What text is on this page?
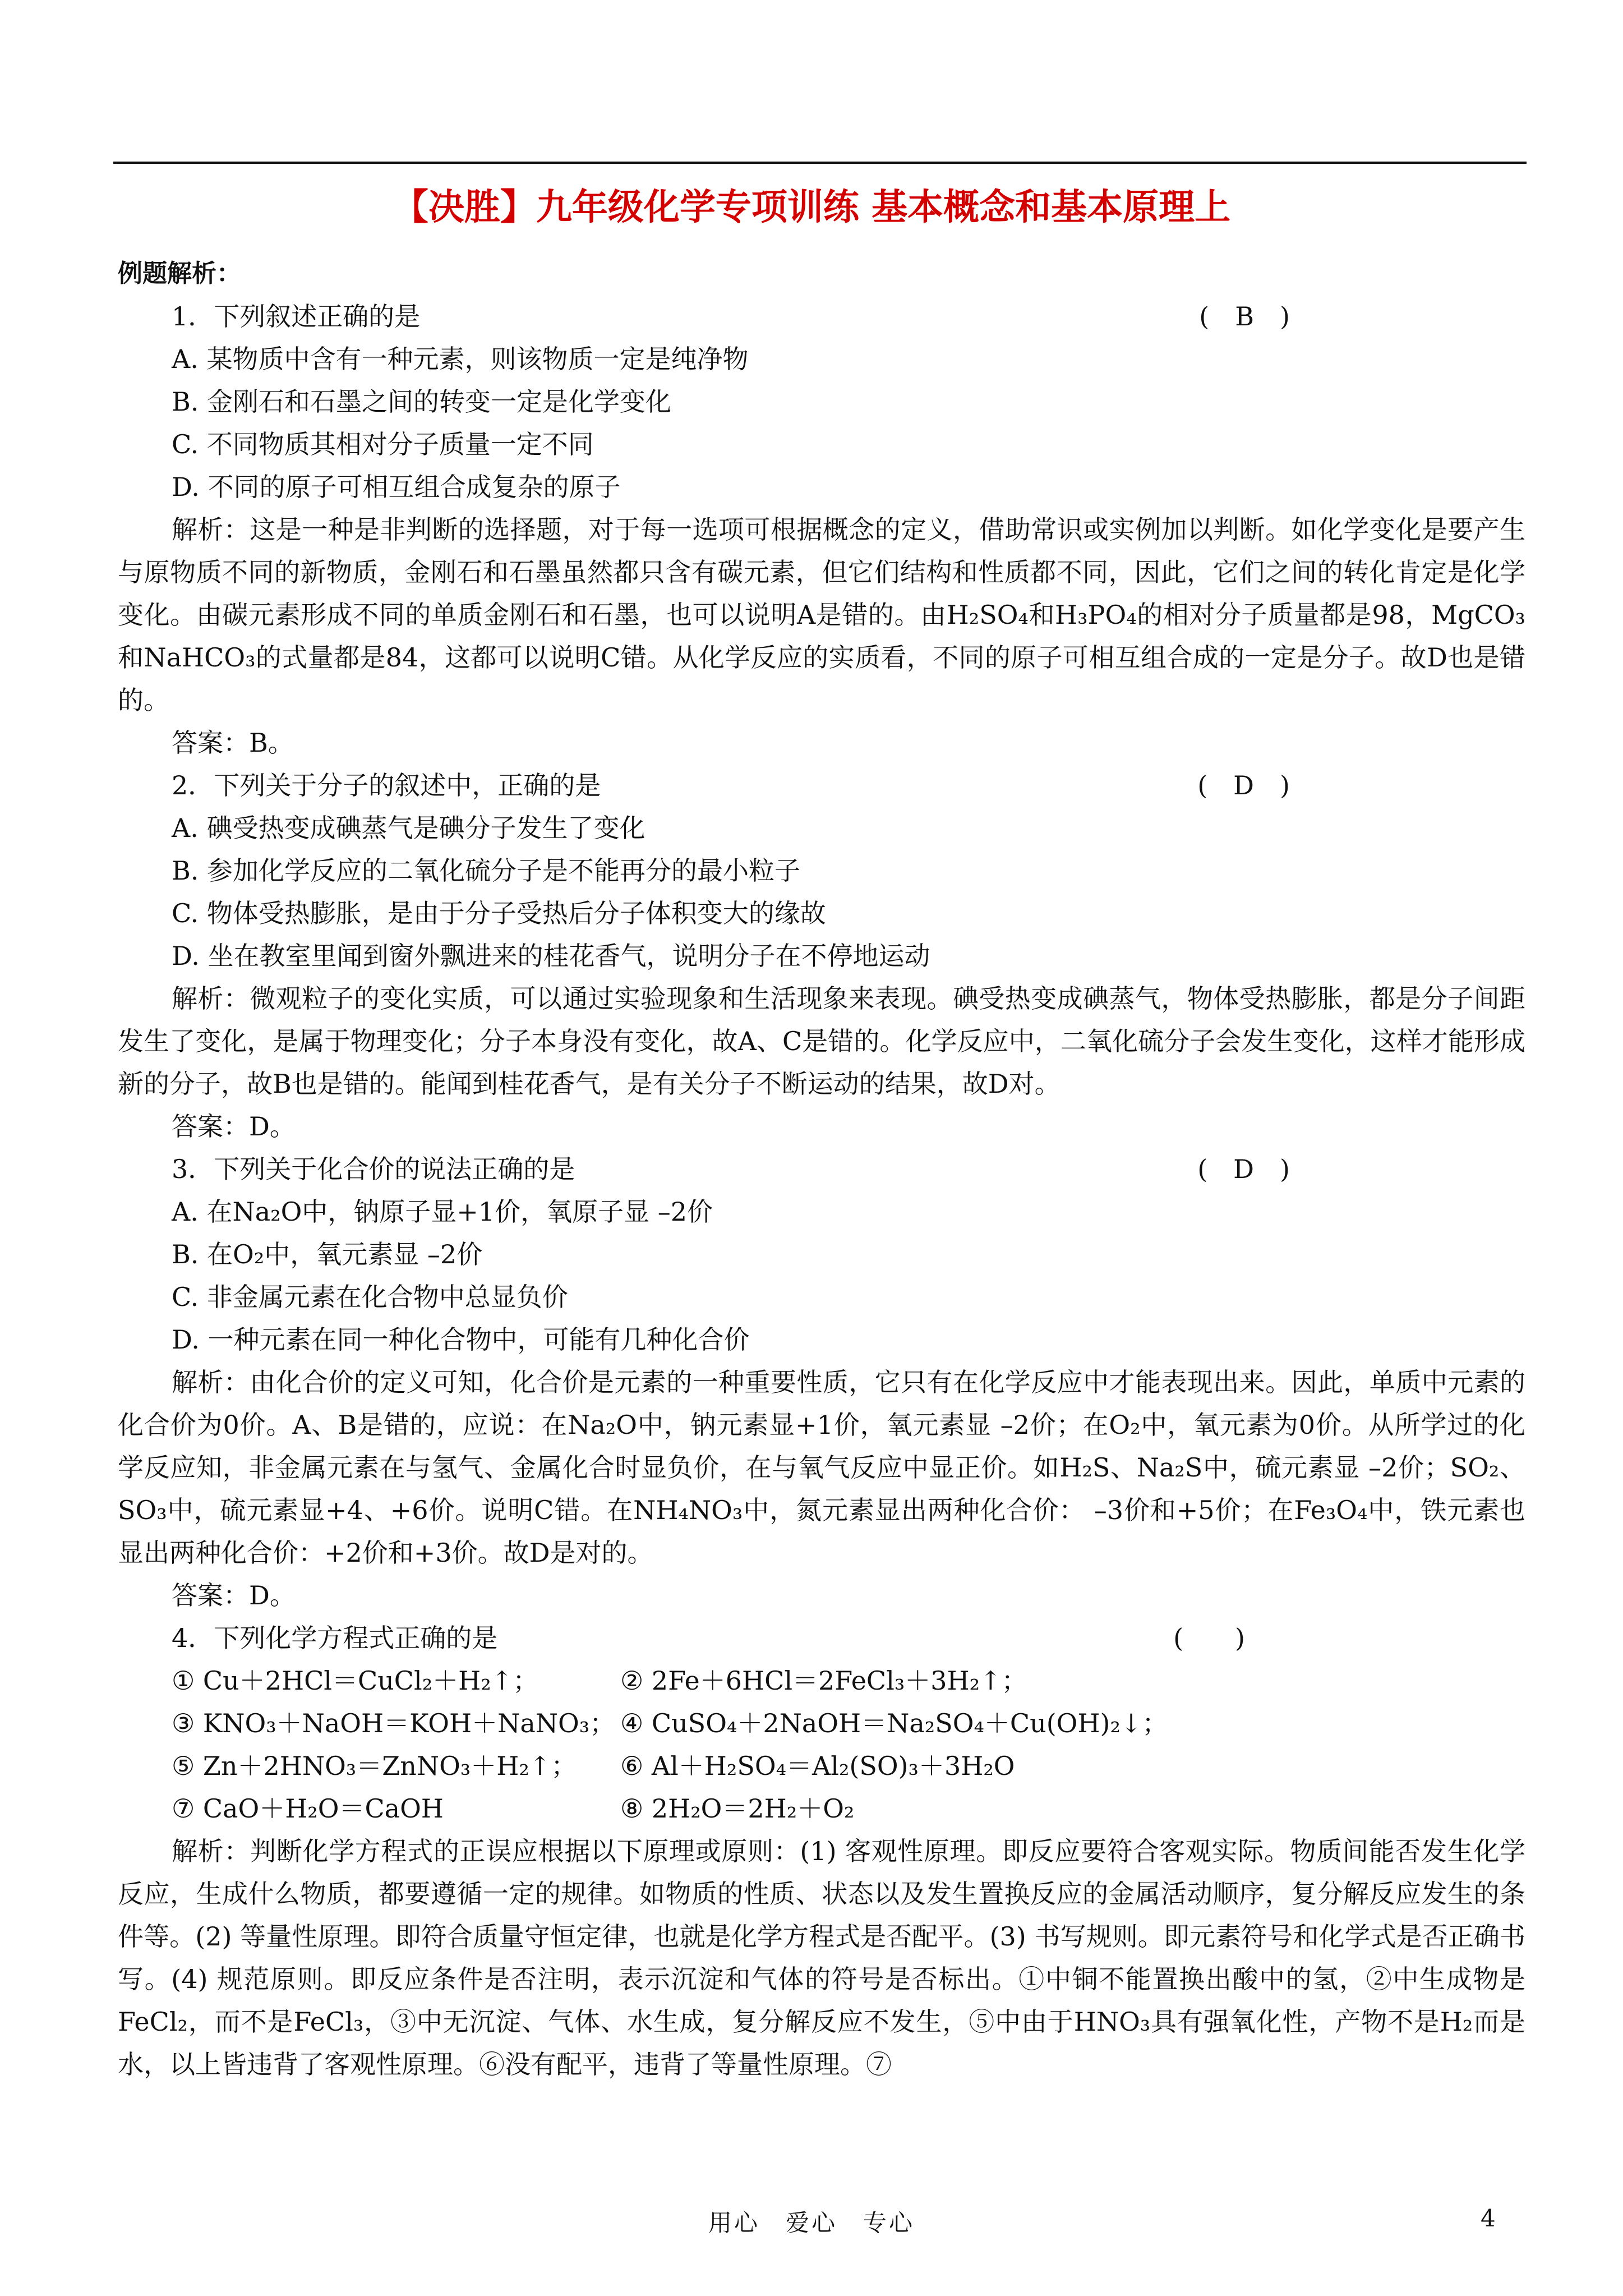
【决胜】九年级化学专项训练 基本概念和基本原理上

例题解析：

1．下列叙述正确的是	(　B　)

A. 某物质中含有一种元素，则该物质一定是纯净物

B. 金刚石和石墨之间的转变一定是化学变化

C. 不同物质其相对分子质量一定不同

D. 不同的原子可相互组合成复杂的原子

解析：这是一种是非判断的选择题，对于每一选项可根据概念的定义，借助常识或实例加以判断。如化学变化是要产生与原物质不同的新物质，金刚石和石墨虽然都只含有碳元素，但它们结构和性质都不同，因此，它们之间的转化肯定是化学变化。由碳元素形成不同的单质金刚石和石墨，也可以说明A是错的。由H₂SO₄和H₃PO₄的相对分子质量都是98，MgCO₃和NaHCO₃的式量都是84，这都可以说明C错。从化学反应的实质看，不同的原子可相互组合成的一定是分子。故D也是错的。

答案：B。

2．下列关于分子的叙述中，正确的是	(　D　)

A. 碘受热变成碘蒸气是碘分子发生了变化

B. 参加化学反应的二氧化硫分子是不能再分的最小粒子

C. 物体受热膨胀，是由于分子受热后分子体积变大的缘故

D. 坐在教室里闻到窗外飘进来的桂花香气，说明分子在不停地运动

解析：微观粒子的变化实质，可以通过实验现象和生活现象来表现。碘受热变成碘蒸气，物体受热膨胀，都是分子间距发生了变化，是属于物理变化；分子本身没有变化，故A、C是错的。化学反应中，二氧化硫分子会发生变化，这样才能形成新的分子，故B也是错的。能闻到桂花香气，是有关分子不断运动的结果，故D对。

答案：D。

3．下列关于化合价的说法正确的是	(　D　)

A. 在Na₂O中，钠原子显+1价，氧原子显 –2价

B. 在O₂中，氧元素显 –2价

C. 非金属元素在化合物中总显负价

D. 一种元素在同一种化合物中，可能有几种化合价

解析：由化合价的定义可知，化合价是元素的一种重要性质，它只有在化学反应中才能表现出来。因此，单质中元素的化合价为0价。A、B是错的，应说：在Na₂O中，钠元素显+1价，氧元素显 –2价；在O₂中，氧元素为0价。从所学过的化学反应知，非金属元素在与氢气、金属化合时显负价，在与氧气反应中显正价。如H₂S、Na₂S中，硫元素显 –2价；SO₂、SO₃中，硫元素显+4、+6价。说明C错。在NH₄NO₃中，氮元素显出两种化合价： –3价和+5价；在Fe₃O₄中，铁元素也显出两种化合价：+2价和+3价。故D是对的。

答案：D。

4．下列化学方程式正确的是	(　　)

① Cu＋2HCl＝CuCl₂＋H₂↑；	② 2Fe＋6HCl＝2FeCl₃＋3H₂↑；

③ KNO₃＋NaOH＝KOH＋NaNO₃； ④ CuSO₄＋2NaOH＝Na₂SO₄＋Cu(OH)₂↓；

⑤ Zn＋2HNO₃＝ZnNO₃＋H₂↑； ⑥ Al＋H₂SO₄＝Al₂(SO)₃＋3H₂O

⑦ CaO＋H₂O＝CaOH	⑧ 2H₂O＝2H₂＋O₂

解析：判断化学方程式的正误应根据以下原理或原则：(1) 客观性原理。即反应要符合客观实际。物质间能否发生化学反应，生成什么物质，都要遵循一定的规律。如物质的性质、状态以及发生置换反应的金属活动顺序，复分解反应发生的条件等。(2) 等量性原理。即符合质量守恒定律，也就是化学方程式是否配平。(3) 书写规则。即元素符号和化学式是否正确书写。(4) 规范原则。即反应条件是否注明，表示沉淀和气体的符号是否标出。①中铜不能置换出酸中的氢，②中生成物是FeCl₂，而不是FeCl₃，③中无沉淀、气体、水生成，复分解反应不发生，⑤中由于HNO₃具有强氧化性，产物不是H₂而是水，以上皆违背了客观性原理。⑥没有配平，违背了等量性原理。⑦

用心　爱心　专心	4
